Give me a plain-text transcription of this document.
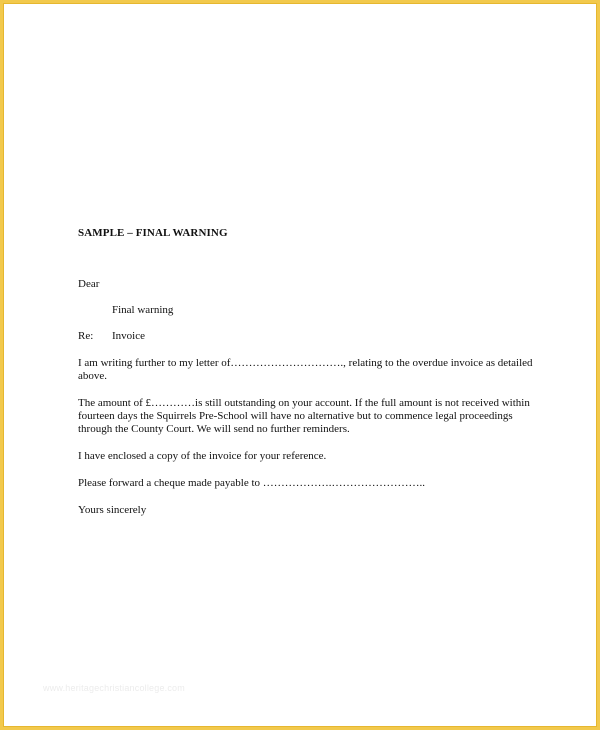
SAMPLE – FINAL WARNING

Dear

Final warning

Re:	Invoice

I am writing further to my letter of…………………………., relating to the overdue invoice as detailed above.

The amount of £…………is still outstanding on your account. If the full amount is not received within fourteen days the Squirrels Pre-School will have no alternative but to commence legal proceedings through the County Court. We will send no further reminders.

I have enclosed a copy of the invoice for your reference.

Please forward a cheque made payable to ……………….……………………..

Yours sincerely

www.heritagechristiancollege.com
